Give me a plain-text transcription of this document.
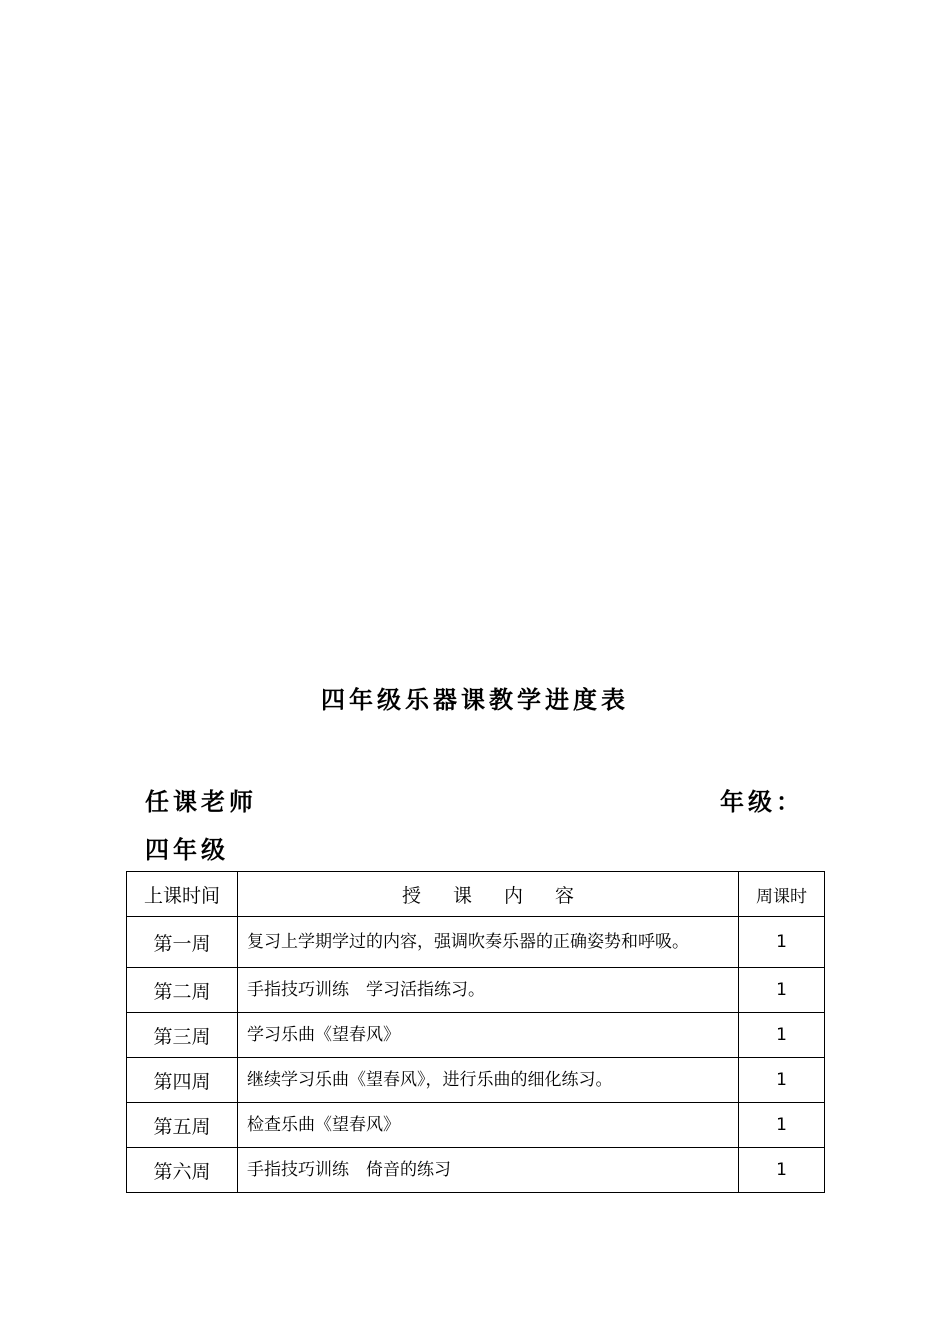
四年级乐器课教学进度表
任课老师	年级：
四年级
上课时间	授 课 内 容	周课时
第一周	复习上学期学过的内容，强调吹奏乐器的正确姿势和呼吸。	1
第二周	手指技巧训练　学习活指练习。	1
第三周	学习乐曲《望春风》	1
第四周	继续学习乐曲《望春风》，进行乐曲的细化练习。	1
第五周	检查乐曲《望春风》	1
第六周	手指技巧训练　倚音的练习	1
